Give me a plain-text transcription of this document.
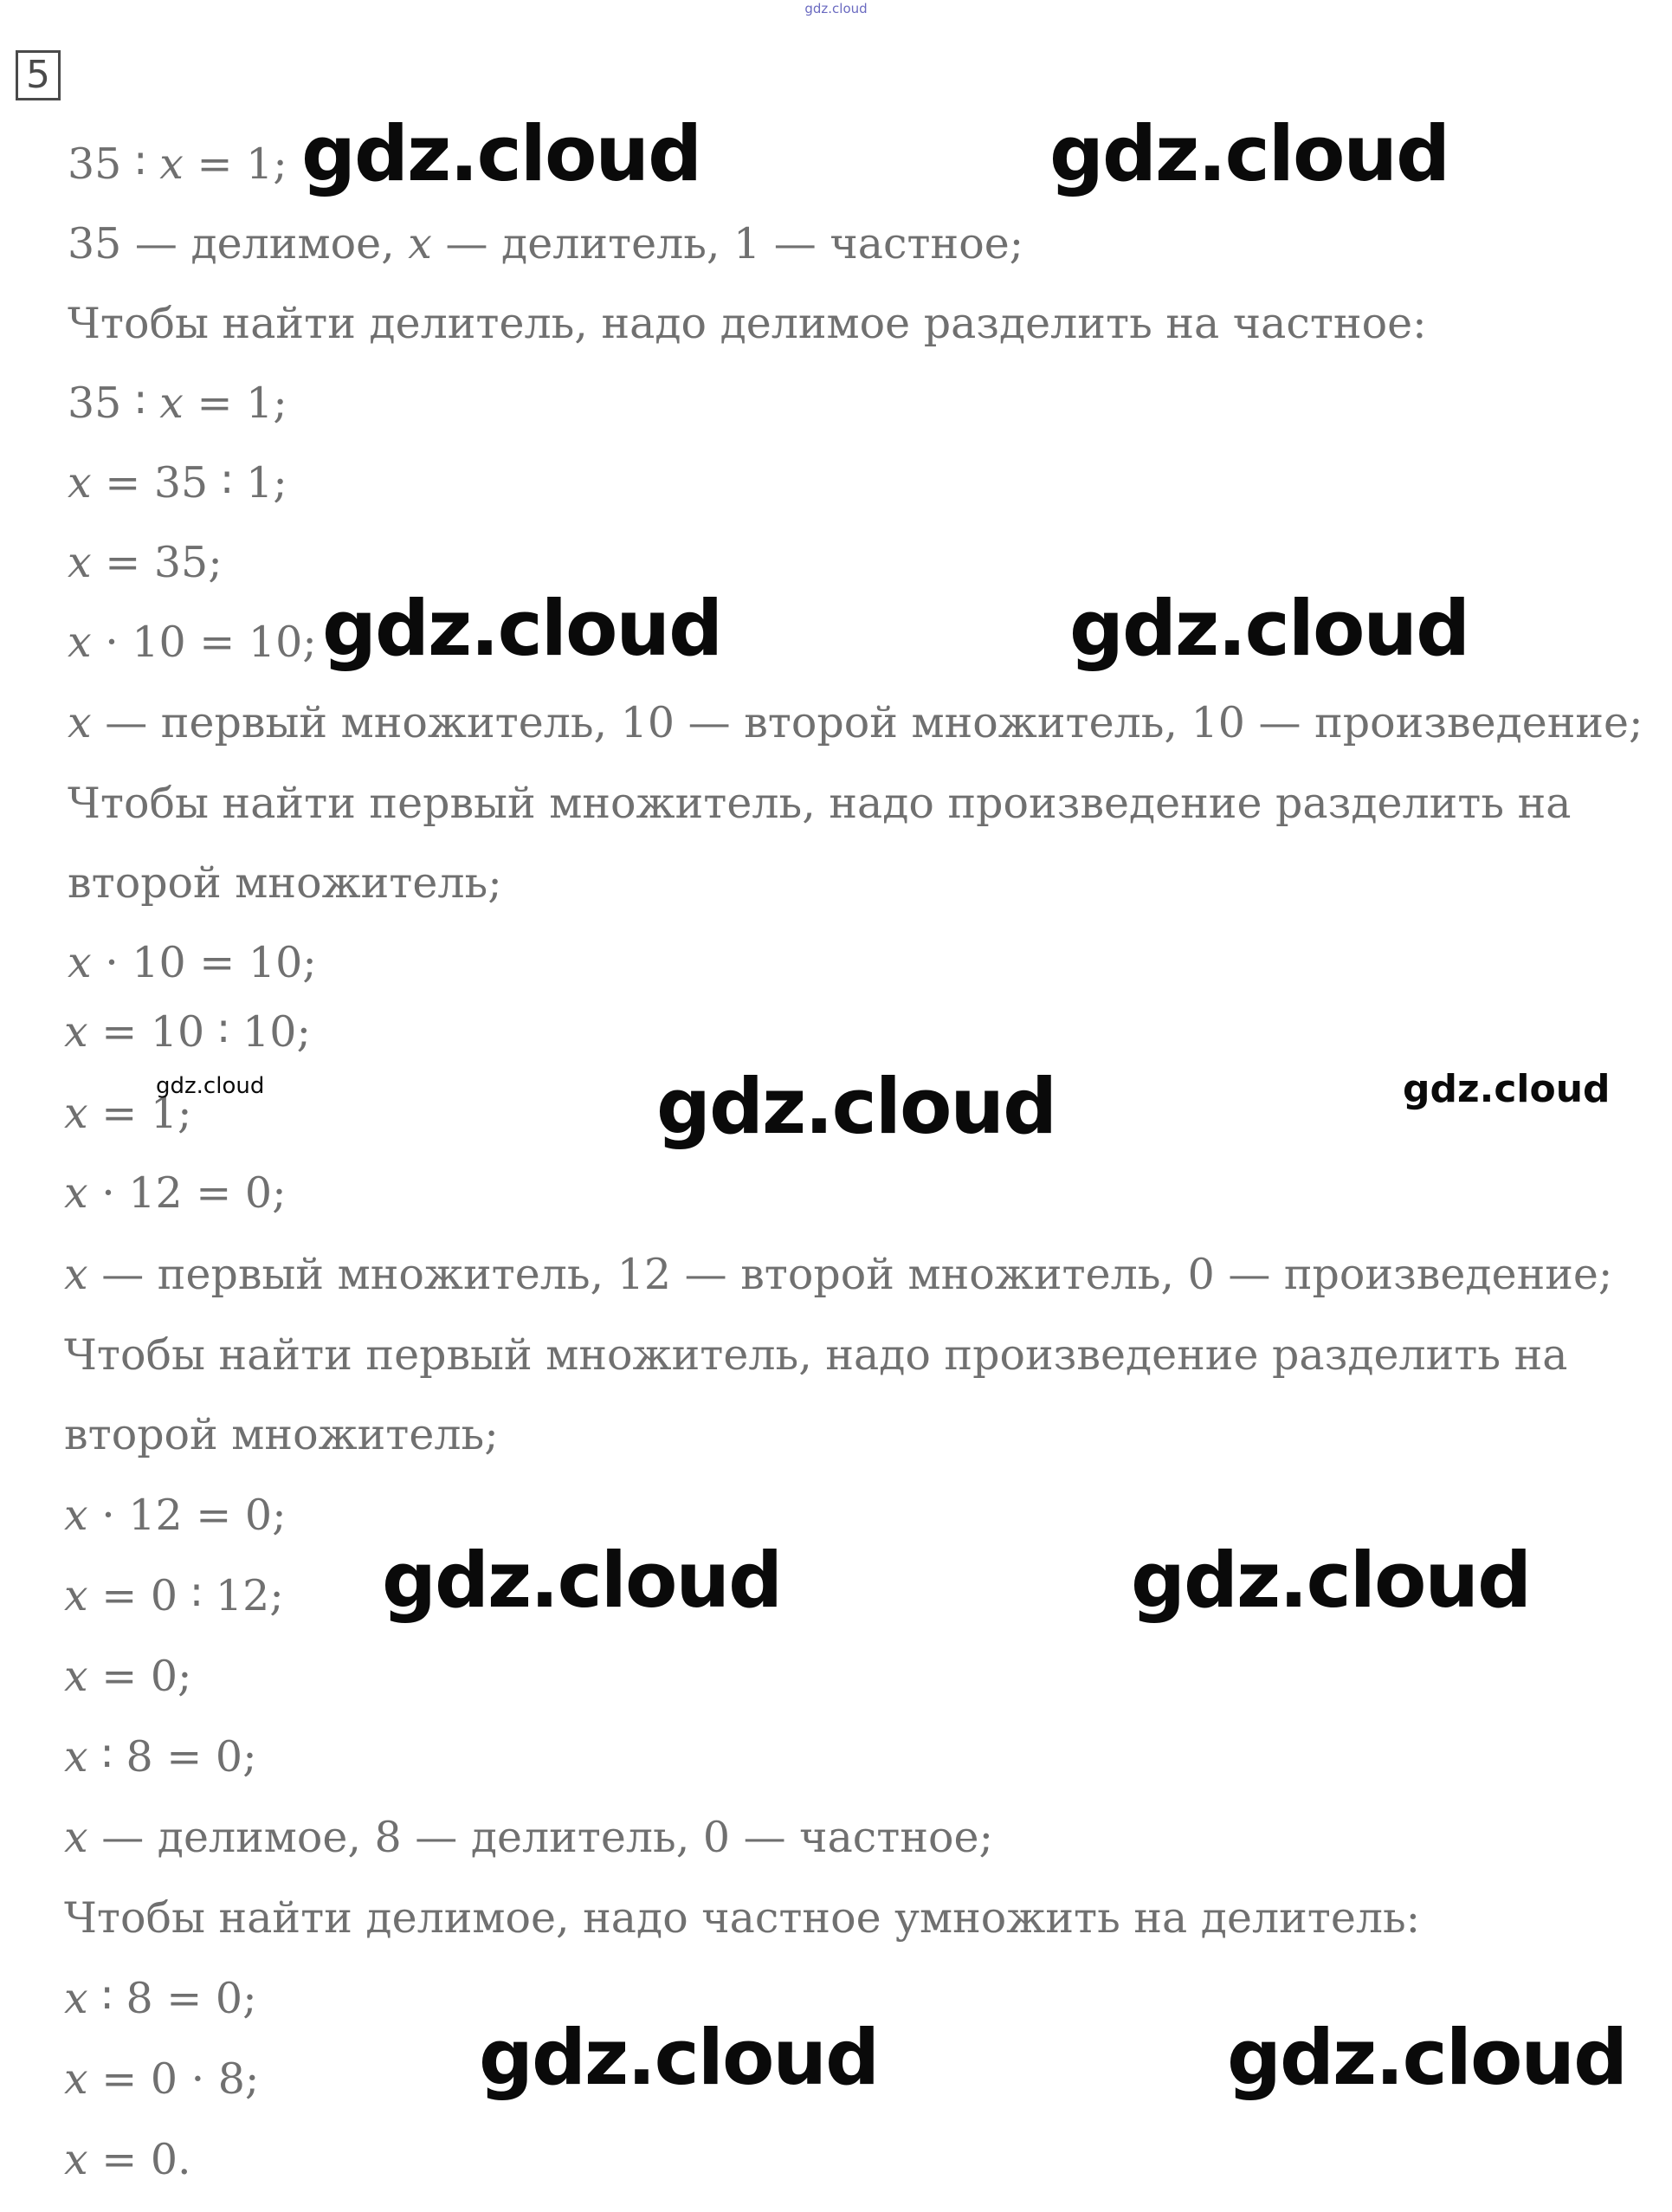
gdz.cloud
5
35 ∶ x = 1;
35 — делимое, x — делитель, 1 — частное;
Чтобы найти делитель, надо делимое разделить на частное:
35 ∶ x = 1;
x = 35 ∶ 1;
x = 35;
x · 10 = 10;
x — первый множитель, 10 — второй множитель, 10 — произведение;
Чтобы найти первый множитель, надо произведение разделить на
второй множитель;
x · 10 = 10;
x = 10 ∶ 10;
x = 1;
x · 12 = 0;
x — первый множитель, 12 — второй множитель, 0 — произведение;
Чтобы найти первый множитель, надо произведение разделить на
второй множитель;
x · 12 = 0;
x = 0 ∶ 12;
x = 0;
x ∶ 8 = 0;
x — делимое, 8 — делитель, 0 — частное;
Чтобы найти делимое, надо частное умножить на делитель:
x ∶ 8 = 0;
x = 0 · 8;
x = 0.
gdz.cloud	gdz.cloud
gdz.cloud	gdz.cloud
gdz.cloud	gdz.cloud	gdz.cloud
gdz.cloud	gdz.cloud
gdz.cloud	gdz.cloud
